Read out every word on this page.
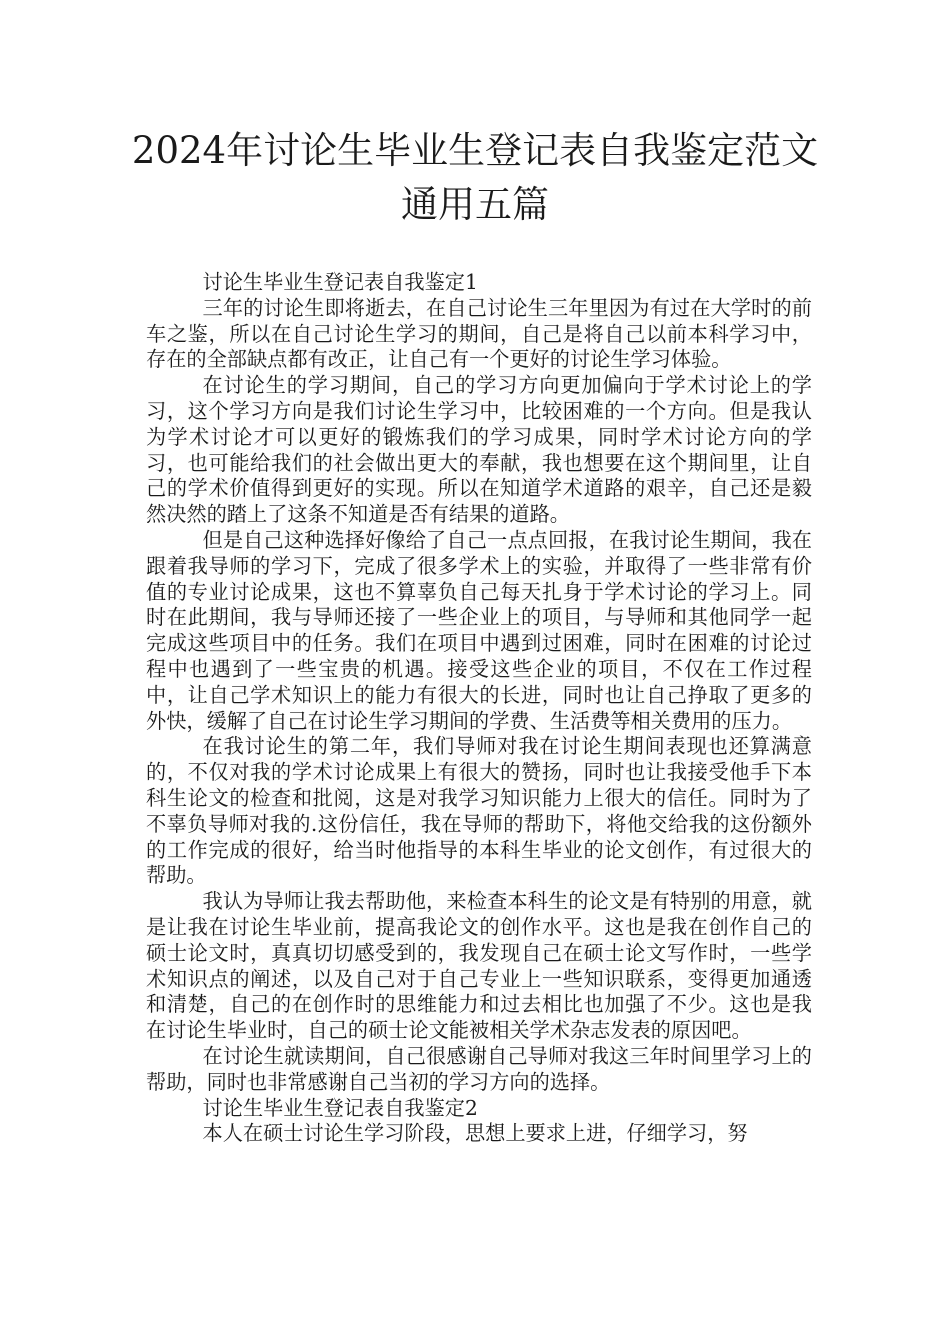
2024年讨论生毕业生登记表自我鉴定范文通用五篇

讨论生毕业生登记表自我鉴定1

三年的讨论生即将逝去，在自己讨论生三年里因为有过在大学时的前车之鉴，所以在自己讨论生学习的期间，自己是将自己以前本科学习中，存在的全部缺点都有改正，让自己有一个更好的讨论生学习体验。

在讨论生的学习期间，自己的学习方向更加偏向于学术讨论上的学习，这个学习方向是我们讨论生学习中，比较困难的一个方向。但是我认为学术讨论才可以更好的锻炼我们的学习成果，同时学术讨论方向的学习，也可能给我们的社会做出更大的奉献，我也想要在这个期间里，让自己的学术价值得到更好的实现。所以在知道学术道路的艰辛，自己还是毅然决然的踏上了这条不知道是否有结果的道路。

但是自己这种选择好像给了自己一点点回报，在我讨论生期间，我在跟着我导师的学习下，完成了很多学术上的实验，并取得了一些非常有价值的专业讨论成果，这也不算辜负自己每天扎身于学术讨论的学习上。同时在此期间，我与导师还接了一些企业上的项目，与导师和其他同学一起完成这些项目中的任务。我们在项目中遇到过困难，同时在困难的讨论过程中也遇到了一些宝贵的机遇。接受这些企业的项目，不仅在工作过程中，让自己学术知识上的能力有很大的长进，同时也让自己挣取了更多的外快，缓解了自己在讨论生学习期间的学费、生活费等相关费用的压力。

在我讨论生的第二年，我们导师对我在讨论生期间表现也还算满意的，不仅对我的学术讨论成果上有很大的赞扬，同时也让我接受他手下本科生论文的检查和批阅，这是对我学习知识能力上很大的信任。同时为了不辜负导师对我的.这份信任，我在导师的帮助下，将他交给我的这份额外的工作完成的很好，给当时他指导的本科生毕业的论文创作，有过很大的帮助。

我认为导师让我去帮助他，来检查本科生的论文是有特别的用意，就是让我在讨论生毕业前，提高我论文的创作水平。这也是我在创作自己的硕士论文时，真真切切感受到的，我发现自己在硕士论文写作时，一些学术知识点的阐述，以及自己对于自己专业上一些知识联系，变得更加通透和清楚，自己的在创作时的思维能力和过去相比也加强了不少。这也是我在讨论生毕业时，自己的硕士论文能被相关学术杂志发表的原因吧。

在讨论生就读期间，自己很感谢自己导师对我这三年时间里学习上的帮助，同时也非常感谢自己当初的学习方向的选择。

讨论生毕业生登记表自我鉴定2

本人在硕士讨论生学习阶段，思想上要求上进，仔细学习，努
